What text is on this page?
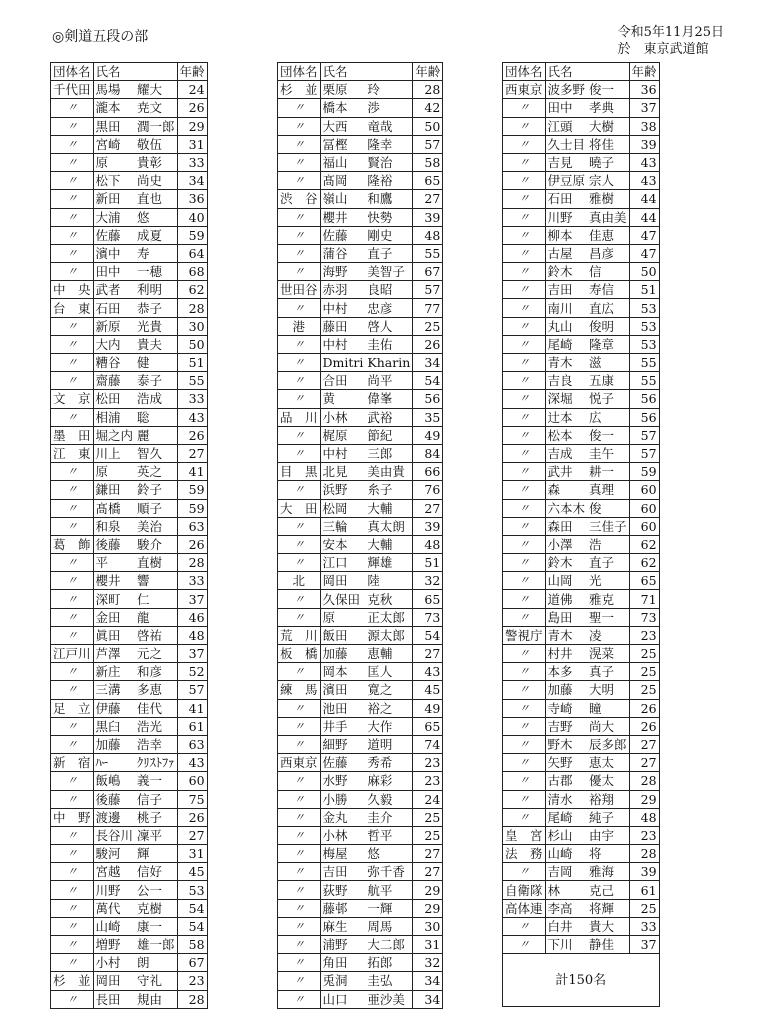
◎剣道五段の部	令和5年11月25日
於　東京武道館
団体名	氏名		年齢
千代田	馬場	耀大	24
〃	瀧本	尭文	26
〃	黒田	潤一郎	29
〃	宮崎	敬伍	31
〃	原	貴彰	33
〃	松下	尚史	34
〃	新田	直也	36
〃	大浦	悠	40
〃	佐藤	成夏	59
〃	濱中	寿	64
〃	田中	一穂	68
中　央	武者	利明	62
台　東	石田	恭子	28
〃	新原	光貴	30
〃	大内	貴夫	50
〃	糟谷	健	51
〃	齋藤	泰子	55
文　京	松田	浩成	33
〃	相浦	聡	43
墨　田	堀之内	麗	26
江　東	川上	智久	27
〃	原	英之	41
〃	鎌田	鈴子	59
〃	髙橋	順子	59
〃	和泉	美治	63
葛　飾	後藤	駿介	26
〃	平	直樹	28
〃	櫻井	響	33
〃	深町	仁	37
〃	金田	龍	46
〃	眞田	啓祐	48
江戸川	芦澤	元之	37
〃	新庄	和彦	52
〃	三溝	多恵	57
足　立	伊藤	佳代	41
〃	黒臼	浩光	61
〃	加藤	浩幸	63
新　宿	ﾊｰ	ｸﾘｽﾄﾌｧ	43
〃	飯嶋	義一	60
〃	後藤	信子	75
中　野	渡邊	桃子	26
〃	長谷川	凜平	27
〃	駿河	輝	31
〃	宮越	信好	45
〃	川野	公一	53
〃	萬代	克樹	54
〃	山崎	康一	54
〃	増野	雄一郎	58
〃	小村	朗	67
杉　並	岡田	守礼	23
〃	長田	規由	28
団体名	氏名		年齢
杉　並	栗原	玲	28
〃	橋本	渉	42
〃	大西	竜哉	50
〃	冨樫	隆幸	57
〃	福山	賢治	58
〃	髙岡	隆裕	65
渋　谷	嶺山	和鷹	27
〃	櫻井	快勢	39
〃	佐藤	剛史	48
〃	蒲谷	直子	55
〃	海野	美智子	67
世田谷	赤羽	良昭	57
〃	中村	忠彦	77
港	藤田	啓人	25
〃	中村	圭佑	26
〃	Dmitri	Kharin	34
〃	合田	尚平	54
〃	黄	偉峯	56
品　川	小林	武裕	35
〃	梶原	節紀	49
〃	中村	三郎	84
目　黒	北見	美由貴	66
〃	浜野	糸子	76
大　田	松岡	大輔	27
〃	三輪	真太朗	39
〃	安本	大輔	48
〃	江口	輝雄	51
北	岡田	陸	32
〃	久保田	克秋	65
〃	原	正太郎	73
荒　川	飯田	源太郎	54
板　橋	加藤	恵輔	27
〃	岡本	匡人	43
練　馬	濱田	寛之	45
〃	池田	裕之	49
〃	井手	大作	65
〃	細野	道明	74
西東京	佐藤	秀希	23
〃	水野	麻彩	23
〃	小勝	久毅	24
〃	金丸	圭介	25
〃	小林	哲平	25
〃	梅屋	悠	27
〃	吉田	弥千香	27
〃	荻野	航平	29
〃	藤邨	一輝	29
〃	麻生	周馬	30
〃	浦野	大二郎	31
〃	角田	拓郎	32
〃	兎洞	圭弘	34
〃	山口	亜沙美	34
団体名	氏名		年齢
西東京	波多野	俊一	36
〃	田中	孝典	37
〃	江頭	大樹	38
〃	久士目	将佳	39
〃	吉見	曉子	43
〃	伊豆原	宗人	43
〃	石田	雅樹	44
〃	川野	真由美	44
〃	柳本	佳恵	47
〃	古屋	昌彦	47
〃	鈴木	信	50
〃	吉田	寿信	51
〃	南川	直広	53
〃	丸山	俊明	53
〃	尾崎	隆章	53
〃	青木	滋	55
〃	吉良	五康	55
〃	深堀	悦子	56
〃	辻本	広	56
〃	松本	俊一	57
〃	吉成	圭午	57
〃	武井	耕一	59
〃	森	真理	60
〃	六本木	俊	60
〃	森田	三佳子	60
〃	小澤	浩	62
〃	鈴木	直子	62
〃	山岡	光	65
〃	道佛	雅克	71
〃	島田	聖一	73
警視庁	青木	凌	23
〃	村井	滉菜	25
〃	本多	真子	25
〃	加藤	大明	25
〃	寺崎	瞳	26
〃	吉野	尚大	26
〃	野木	辰多郎	27
〃	矢野	恵太	27
〃	古郡	優太	28
〃	清水	裕翔	29
〃	尾崎	純子	48
皇　宮	杉山	由宇	23
法　務	山崎	将	28
〃	吉岡	雅海	39
自衛隊	林	克己	61
高体連	李高	将輝	25
〃	白井	貴大	33
〃	下川	静佳	37
計150名			
